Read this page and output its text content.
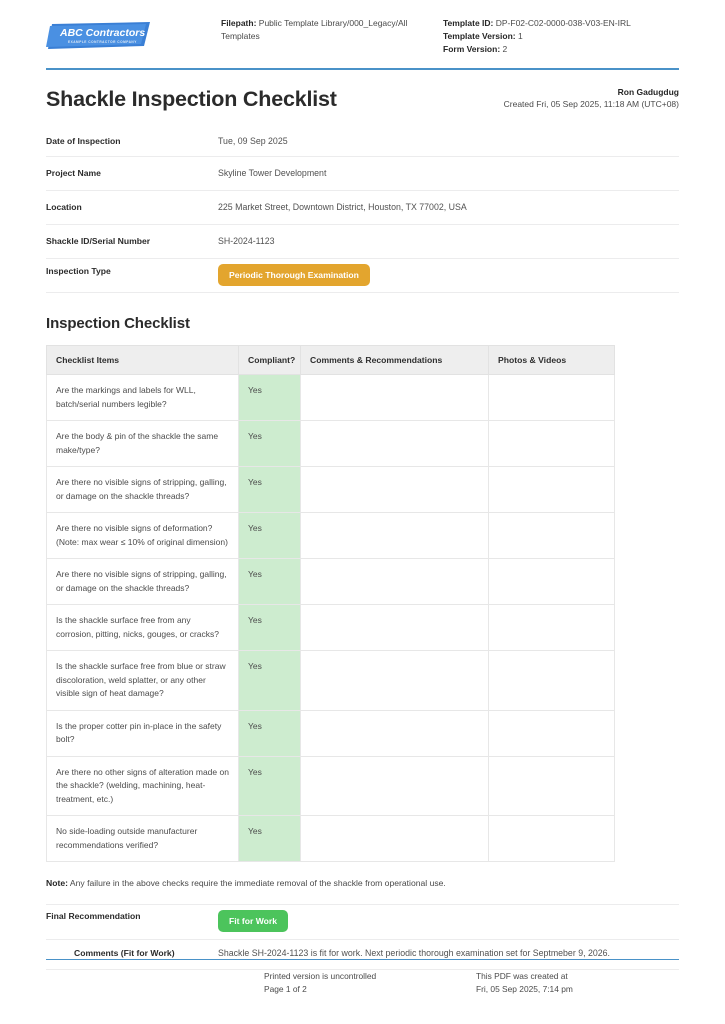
ABC Contractors
EXAMPLE CONTRACTOR COMPANY
Filepath: Public Template Library/000_Legacy/All Templates
Template ID: DP-F02-C02-0000-038-V03-EN-IRL
Template Version: 1
Form Version: 2
Shackle Inspection Checklist	Ron Gadugdug
Created Fri, 05 Sep 2025, 11:18 AM (UTC+08)
Date of Inspection	Tue, 09 Sep 2025
Project Name	Skyline Tower Development
Location	225 Market Street, Downtown District, Houston, TX 77002, USA
Shackle ID/Serial Number	SH-2024-1123
Inspection Type	Periodic Thorough Examination
Inspection Checklist
Checklist Items	Compliant?	Comments & Recommendations	Photos & Videos
Are the markings and labels for WLL, batch/serial numbers legible?	Yes		
Are the body & pin of the shackle the same make/type?	Yes		
Are there no visible signs of stripping, galling, or damage on the shackle threads?	Yes		
Are there no visible signs of deformation? (Note: max wear ≤ 10% of original dimension)	Yes		
Are there no visible signs of stripping, galling, or damage on the shackle threads?	Yes		
Is the shackle surface free from any corrosion, pitting, nicks, gouges, or cracks?	Yes		
Is the shackle surface free from blue or straw discoloration, weld splatter, or any other visible sign of heat damage?	Yes		
Is the proper cotter pin in-place in the safety bolt?	Yes		
Are there no other signs of alteration made on the shackle? (welding, machining, heat-treatment, etc.)	Yes		
No side-loading outside manufacturer recommendations verified?	Yes		
Note: Any failure in the above checks require the immediate removal of the shackle from operational use.
Final Recommendation	Fit for Work
Comments (Fit for Work)	Shackle SH-2024-1123 is fit for work. Next periodic thorough examination set for Septmeber 9, 2026.
Printed version is uncontrolled
Page 1 of 2
This PDF was created at
Fri, 05 Sep 2025, 7:14 pm
